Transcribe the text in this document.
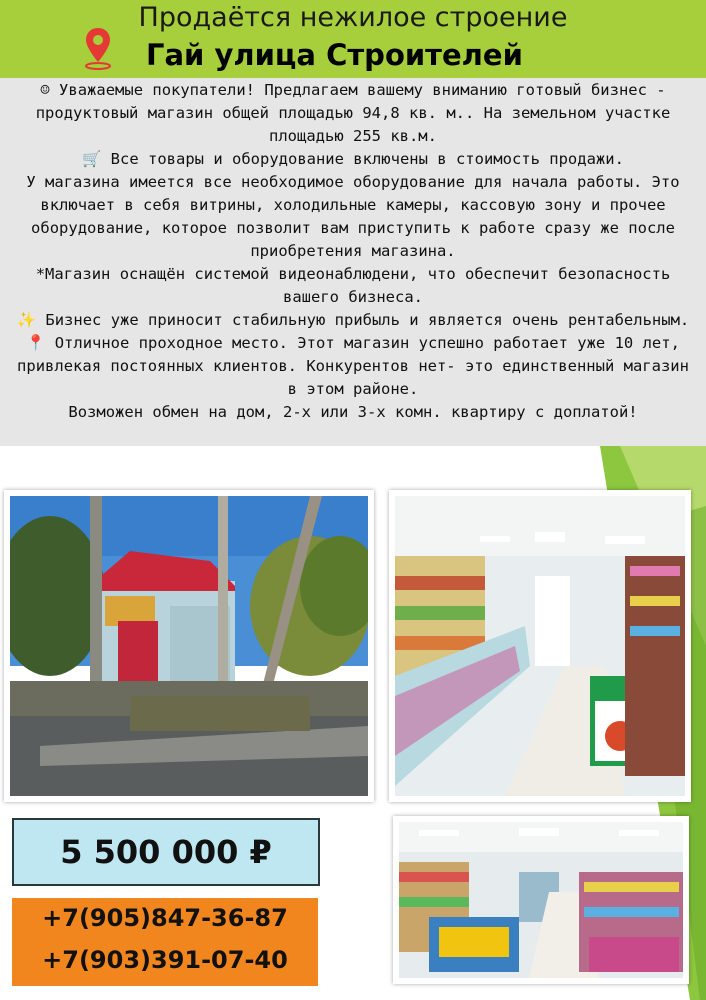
Продаётся нежилое строение
Гай улица Строителей
☺ Уважаемые покупатели! Предлагаем вашему вниманию готовый бизнес -
продуктовый магазин общей площадью 94,8 кв. м.. На земельном участке
площадью 255 кв.м.
🛒 Все товары и оборудование включены в стоимость продажи.
У магазина имеется все необходимое оборудование для начала работы. Это
включает в себя витрины, холодильные камеры, кассовую зону и прочее
оборудование, которое позволит вам приступить к работе сразу же после
приобретения магазина.
*Магазин оснащён системой видеонаблюдени, что обеспечит безопасность
вашего бизнеса.
✨ Бизнес уже приносит стабильную прибыль и является очень рентабельным.
📍 Отличное проходное место. Этот магазин успешно работает уже 10 лет,
привлекая постоянных клиентов. Конкурентов нет- это единственный магазин
в этом районе.
Возможен обмен на дом, 2-х или 3-х комн. квартиру с доплатой!
5 500 000 ₽
+7(905)847-36-87
+7(903)391-07-40
